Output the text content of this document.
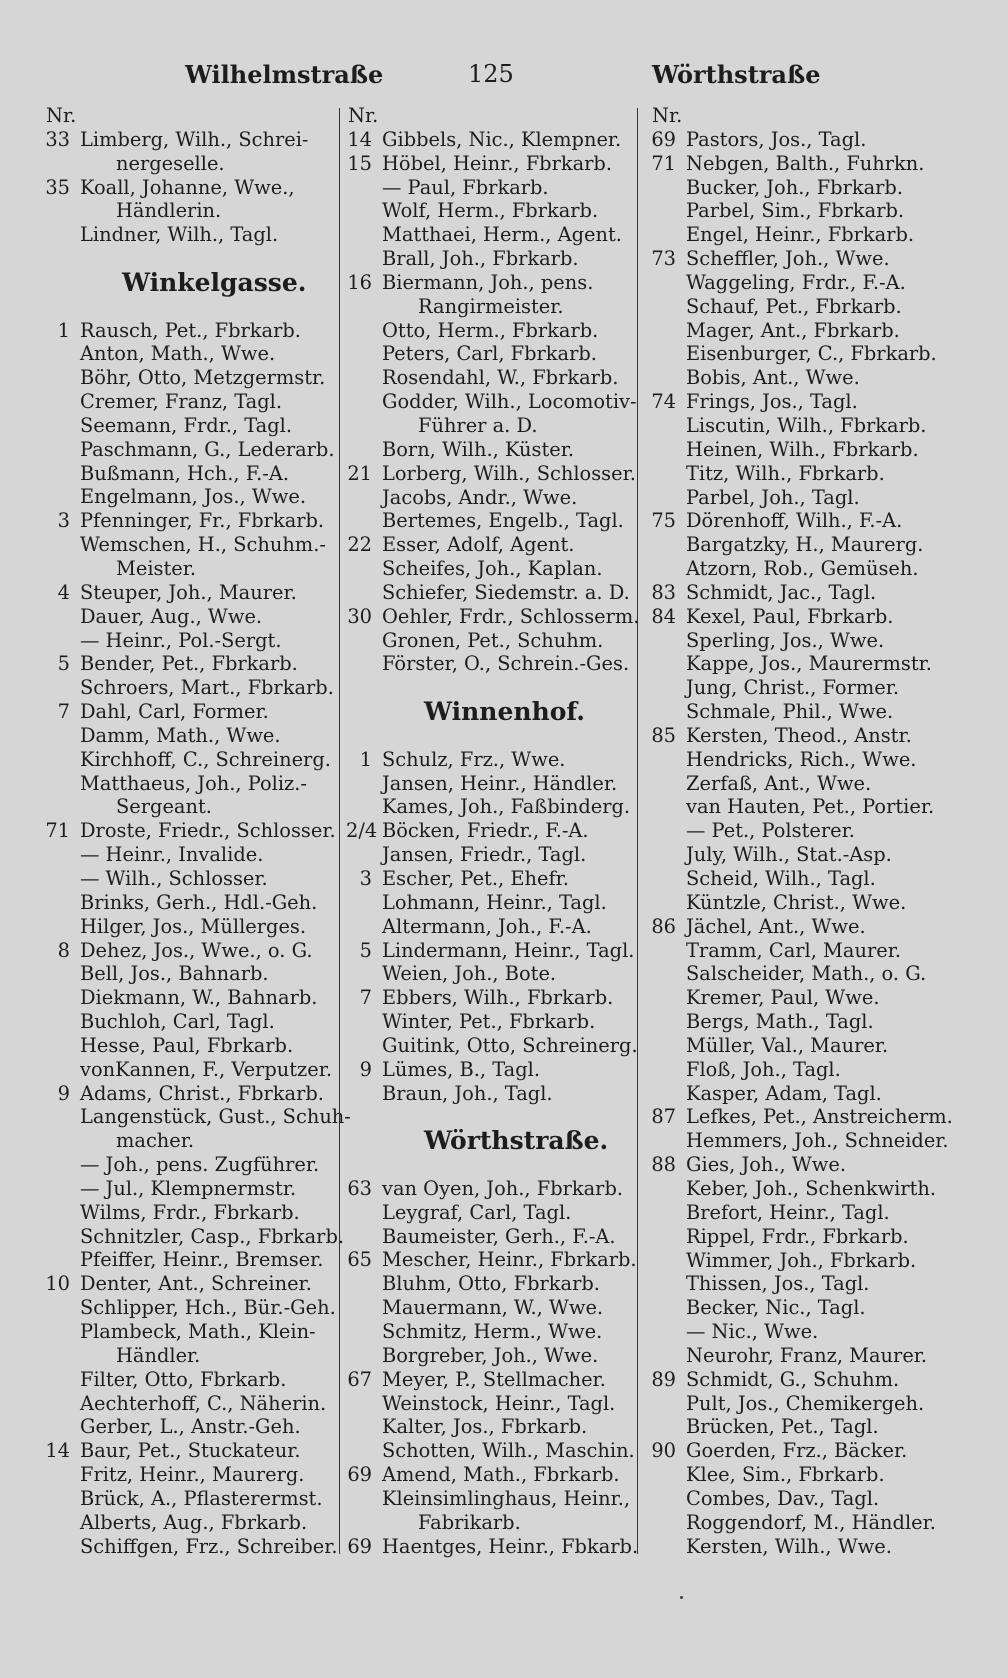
Wilhelmstraße	125	Wörthstraße
Nr.
33 Limberg, Wilh., Schrei-
nergeselle.
35 Koall, Johanne, Wwe.,
Händlerin.
Lindner, Wilh., Tagl.
Winkelgasse.
1 Rausch, Pet., Fbrkarb.
Anton, Math., Wwe.
Böhr, Otto, Metzgermstr.
Cremer, Franz, Tagl.
Seemann, Frdr., Tagl.
Paschmann, G., Lederarb.
Bußmann, Hch., F.-A.
Engelmann, Jos., Wwe.
3 Pfenninger, Fr., Fbrkarb.
Wemschen, H., Schuhm.-
Meister.
4 Steuper, Joh., Maurer.
Dauer, Aug., Wwe.
— Heinr., Pol.-Sergt.
5 Bender, Pet., Fbrkarb.
Schroers, Mart., Fbrkarb.
7 Dahl, Carl, Former.
Damm, Math., Wwe.
Kirchhoff, C., Schreinerg.
Matthaeus, Joh., Poliz.-
Sergeant.
71 Droste, Friedr., Schlosser.
— Heinr., Invalide.
— Wilh., Schlosser.
Brinks, Gerh., Hdl.-Geh.
Hilger, Jos., Müllerges.
8 Dehez, Jos., Wwe., o. G.
Bell, Jos., Bahnarb.
Diekmann, W., Bahnarb.
Buchloh, Carl, Tagl.
Hesse, Paul, Fbrkarb.
vonKannen, F., Verputzer.
9 Adams, Christ., Fbrkarb.
Langenstück, Gust., Schuh-
macher.
— Joh., pens. Zugführer.
— Jul., Klempnermstr.
Wilms, Frdr., Fbrkarb.
Schnitzler, Casp., Fbrkarb.
Pfeiffer, Heinr., Bremser.
10 Denter, Ant., Schreiner.
Schlipper, Hch., Bür.-Geh.
Plambeck, Math., Klein-
Händler.
Filter, Otto, Fbrkarb.
Aechterhoff, C., Näherin.
Gerber, L., Anstr.-Geh.
14 Baur, Pet., Stuckateur.
Fritz, Heinr., Maurerg.
Brück, A., Pflasterermst.
Alberts, Aug., Fbrkarb.
Schiffgen, Frz., Schreiber.
Nr.
14 Gibbels, Nic., Klempner.
15 Höbel, Heinr., Fbrkarb.
— Paul, Fbrkarb.
Wolf, Herm., Fbrkarb.
Matthaei, Herm., Agent.
Brall, Joh., Fbrkarb.
16 Biermann, Joh., pens.
Rangirmeister.
Otto, Herm., Fbrkarb.
Peters, Carl, Fbrkarb.
Rosendahl, W., Fbrkarb.
Godder, Wilh., Locomotiv-
Führer a. D.
Born, Wilh., Küster.
21 Lorberg, Wilh., Schlosser.
Jacobs, Andr., Wwe.
Bertemes, Engelb., Tagl.
22 Esser, Adolf, Agent.
Scheifes, Joh., Kaplan.
Schiefer, Siedemstr. a. D.
30 Oehler, Frdr., Schlosserm.
Gronen, Pet., Schuhm.
Förster, O., Schrein.-Ges.
Winnenhof.
1 Schulz, Frz., Wwe.
Jansen, Heinr., Händler.
Kames, Joh., Faßbinderg.
2/4 Böcken, Friedr., F.-A.
Jansen, Friedr., Tagl.
3 Escher, Pet., Ehefr.
Lohmann, Heinr., Tagl.
Altermann, Joh., F.-A.
5 Lindermann, Heinr., Tagl.
Weien, Joh., Bote.
7 Ebbers, Wilh., Fbrkarb.
Winter, Pet., Fbrkarb.
Guitink, Otto, Schreinerg.
9 Lümes, B., Tagl.
Braun, Joh., Tagl.
Wörthstraße.
63 van Oyen, Joh., Fbrkarb.
Leygraf, Carl, Tagl.
Baumeister, Gerh., F.-A.
65 Mescher, Heinr., Fbrkarb.
Bluhm, Otto, Fbrkarb.
Mauermann, W., Wwe.
Schmitz, Herm., Wwe.
Borgreber, Joh., Wwe.
67 Meyer, P., Stellmacher.
Weinstock, Heinr., Tagl.
Kalter, Jos., Fbrkarb.
Schotten, Wilh., Maschin.
69 Amend, Math., Fbrkarb.
Kleinsimlinghaus, Heinr.,
Fabrikarb.
69 Haentges, Heinr., Fbkarb.
Nr.
69 Pastors, Jos., Tagl.
71 Nebgen, Balth., Fuhrkn.
Bucker, Joh., Fbrkarb.
Parbel, Sim., Fbrkarb.
Engel, Heinr., Fbrkarb.
73 Scheffler, Joh., Wwe.
Waggeling, Frdr., F.-A.
Schauf, Pet., Fbrkarb.
Mager, Ant., Fbrkarb.
Eisenburger, C., Fbrkarb.
Bobis, Ant., Wwe.
74 Frings, Jos., Tagl.
Liscutin, Wilh., Fbrkarb.
Heinen, Wilh., Fbrkarb.
Titz, Wilh., Fbrkarb.
Parbel, Joh., Tagl.
75 Dörenhoff, Wilh., F.-A.
Bargatzky, H., Maurerg.
Atzorn, Rob., Gemüseh.
83 Schmidt, Jac., Tagl.
84 Kexel, Paul, Fbrkarb.
Sperling, Jos., Wwe.
Kappe, Jos., Maurermstr.
Jung, Christ., Former.
Schmale, Phil., Wwe.
85 Kersten, Theod., Anstr.
Hendricks, Rich., Wwe.
Zerfaß, Ant., Wwe.
van Hauten, Pet., Portier.
— Pet., Polsterer.
July, Wilh., Stat.-Asp.
Scheid, Wilh., Tagl.
Küntzle, Christ., Wwe.
86 Jächel, Ant., Wwe.
Tramm, Carl, Maurer.
Salscheider, Math., o. G.
Kremer, Paul, Wwe.
Bergs, Math., Tagl.
Müller, Val., Maurer.
Floß, Joh., Tagl.
Kasper, Adam, Tagl.
87 Lefkes, Pet., Anstreicherm.
Hemmers, Joh., Schneider.
88 Gies, Joh., Wwe.
Keber, Joh., Schenkwirth.
Brefort, Heinr., Tagl.
Rippel, Frdr., Fbrkarb.
Wimmer, Joh., Fbrkarb.
Thissen, Jos., Tagl.
Becker, Nic., Tagl.
— Nic., Wwe.
Neurohr, Franz, Maurer.
89 Schmidt, G., Schuhm.
Pult, Jos., Chemikergeh.
Brücken, Pet., Tagl.
90 Goerden, Frz., Bäcker.
Klee, Sim., Fbrkarb.
Combes, Dav., Tagl.
Roggendorf, M., Händler.
Kersten, Wilh., Wwe.
